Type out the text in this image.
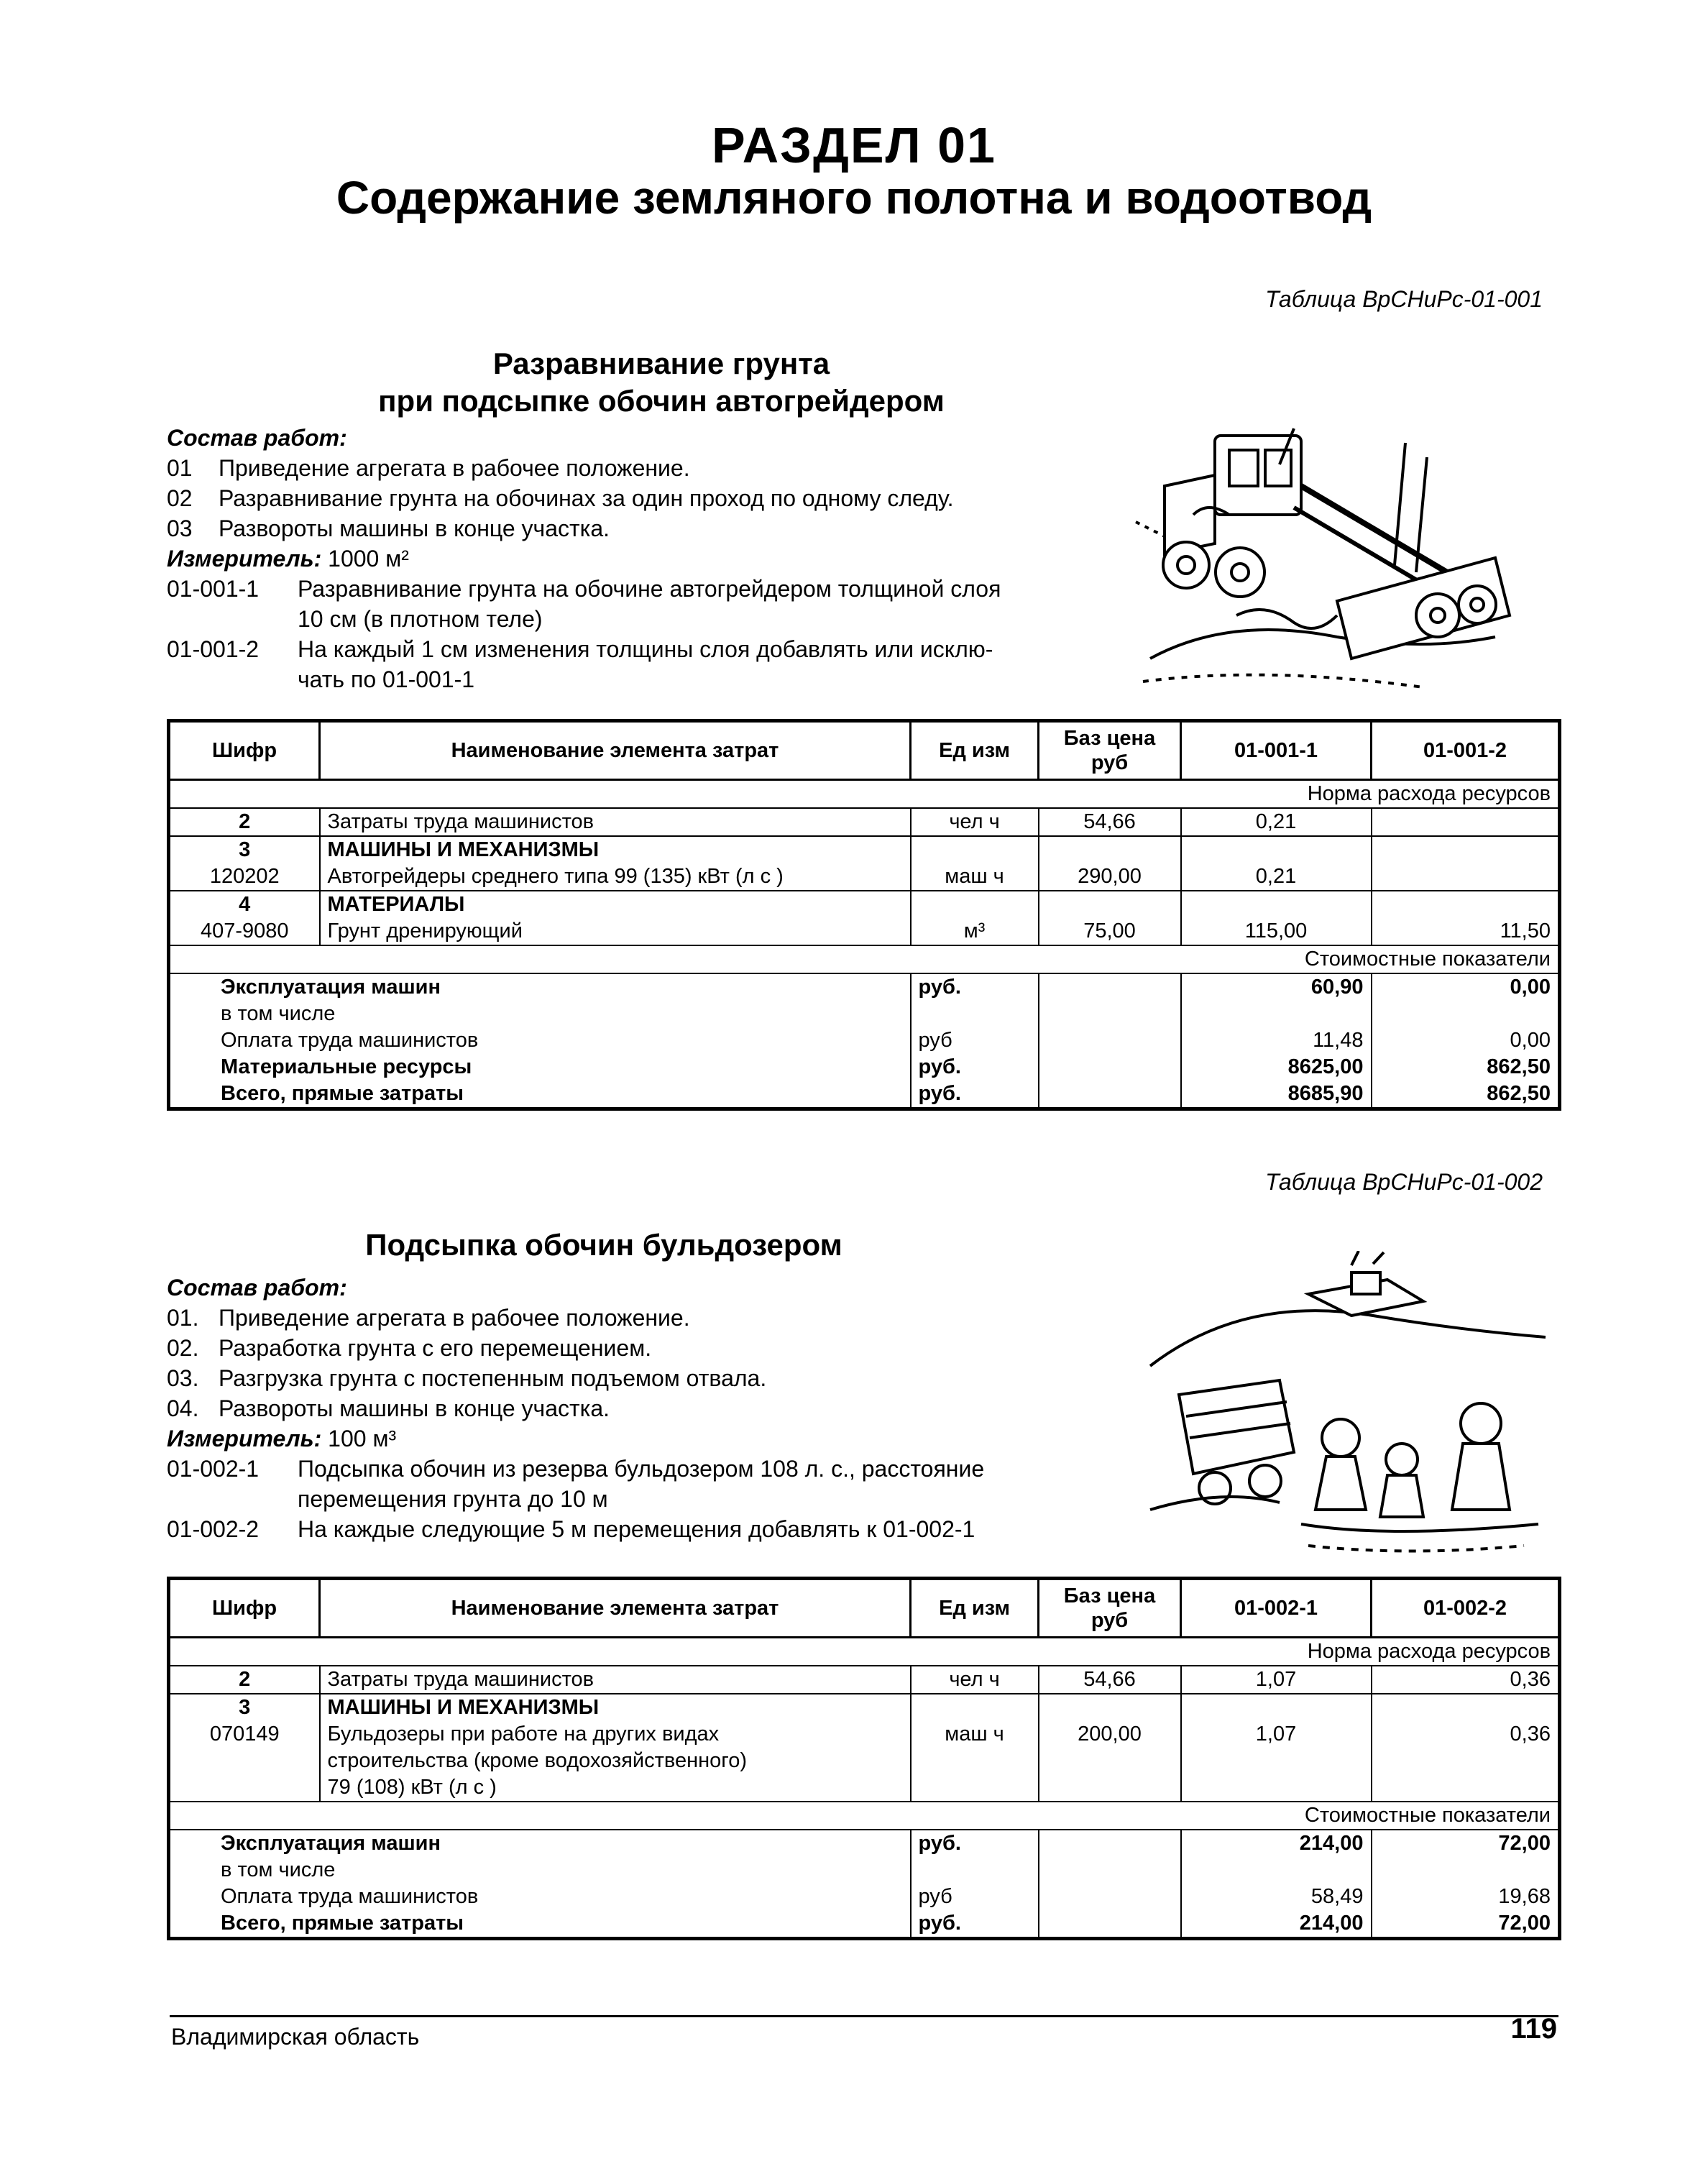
РАЗДЕЛ 01
Содержание земляного полотна и водоотвод
Таблица ВрСНиРс-01-001
Разравнивание грунта
при подсыпке обочин автогрейдером
Состав работ:
01 Приведение агрегата в рабочее положение.
02 Разравнивание грунта на обочинах за один проход по одному следу.
03 Развороты машины в конце участка.
Измеритель: 1000 м²
01-001-1 Разравнивание грунта на обочине автогрейдером толщиной слоя
10 см (в плотном теле)
01-001-2 На каждый 1 см изменения толщины слоя добавлять или исклю-
чать по 01-001-1
Шифр	Наименование элемента затрат	Ед изм	Баз цена руб	01-001-1	01-001-2
Норма расхода ресурсов					
2	Затраты труда машинистов	чел ч	54,66	0,21	
3	МАШИНЫ И МЕХАНИЗМЫ				
120202	Автогрейдеры среднего типа 99 (135) кВт (л с )	маш ч	290,00	0,21	
4	МАТЕРИАЛЫ				
407-9080	Грунт дренирующий	м³	75,00	115,00	11,50
Стоимостные показатели					
Эксплуатация машин		руб.		60,90	0,00
в том числе					
Оплата труда машинистов		руб		11,48	0,00
Материальные ресурсы		руб.		8625,00	862,50
Всего, прямые затраты		руб.		8685,90	862,50
Таблица ВрСНиРс-01-002
Подсыпка обочин бульдозером
Состав работ:
01. Приведение агрегата в рабочее положение.
02. Разработка грунта с его перемещением.
03. Разгрузка грунта с постепенным подъемом отвала.
04. Развороты машины в конце участка.
Измеритель: 100 м³
01-002-1 Подсыпка обочин из резерва бульдозером 108 л. с., расстояние
перемещения грунта до 10 м
01-002-2 На каждые следующие 5 м перемещения добавлять к 01-002-1
Шифр	Наименование элемента затрат	Ед изм	Баз цена руб	01-002-1	01-002-2
Норма расхода ресурсов					
2	Затраты труда машинистов	чел ч	54,66	1,07	0,36
3	МАШИНЫ И МЕХАНИЗМЫ				
070149	Бульдозеры при работе на других видах	маш ч	200,00	1,07	0,36
	строительства (кроме водохозяйственного)				
	79 (108) кВт (л с )				
Стоимостные показатели					
Эксплуатация машин		руб.		214,00	72,00
в том числе					
Оплата труда машинистов		руб		58,49	19,68
Всего, прямые затраты		руб.		214,00	72,00
Владимирская область	119
